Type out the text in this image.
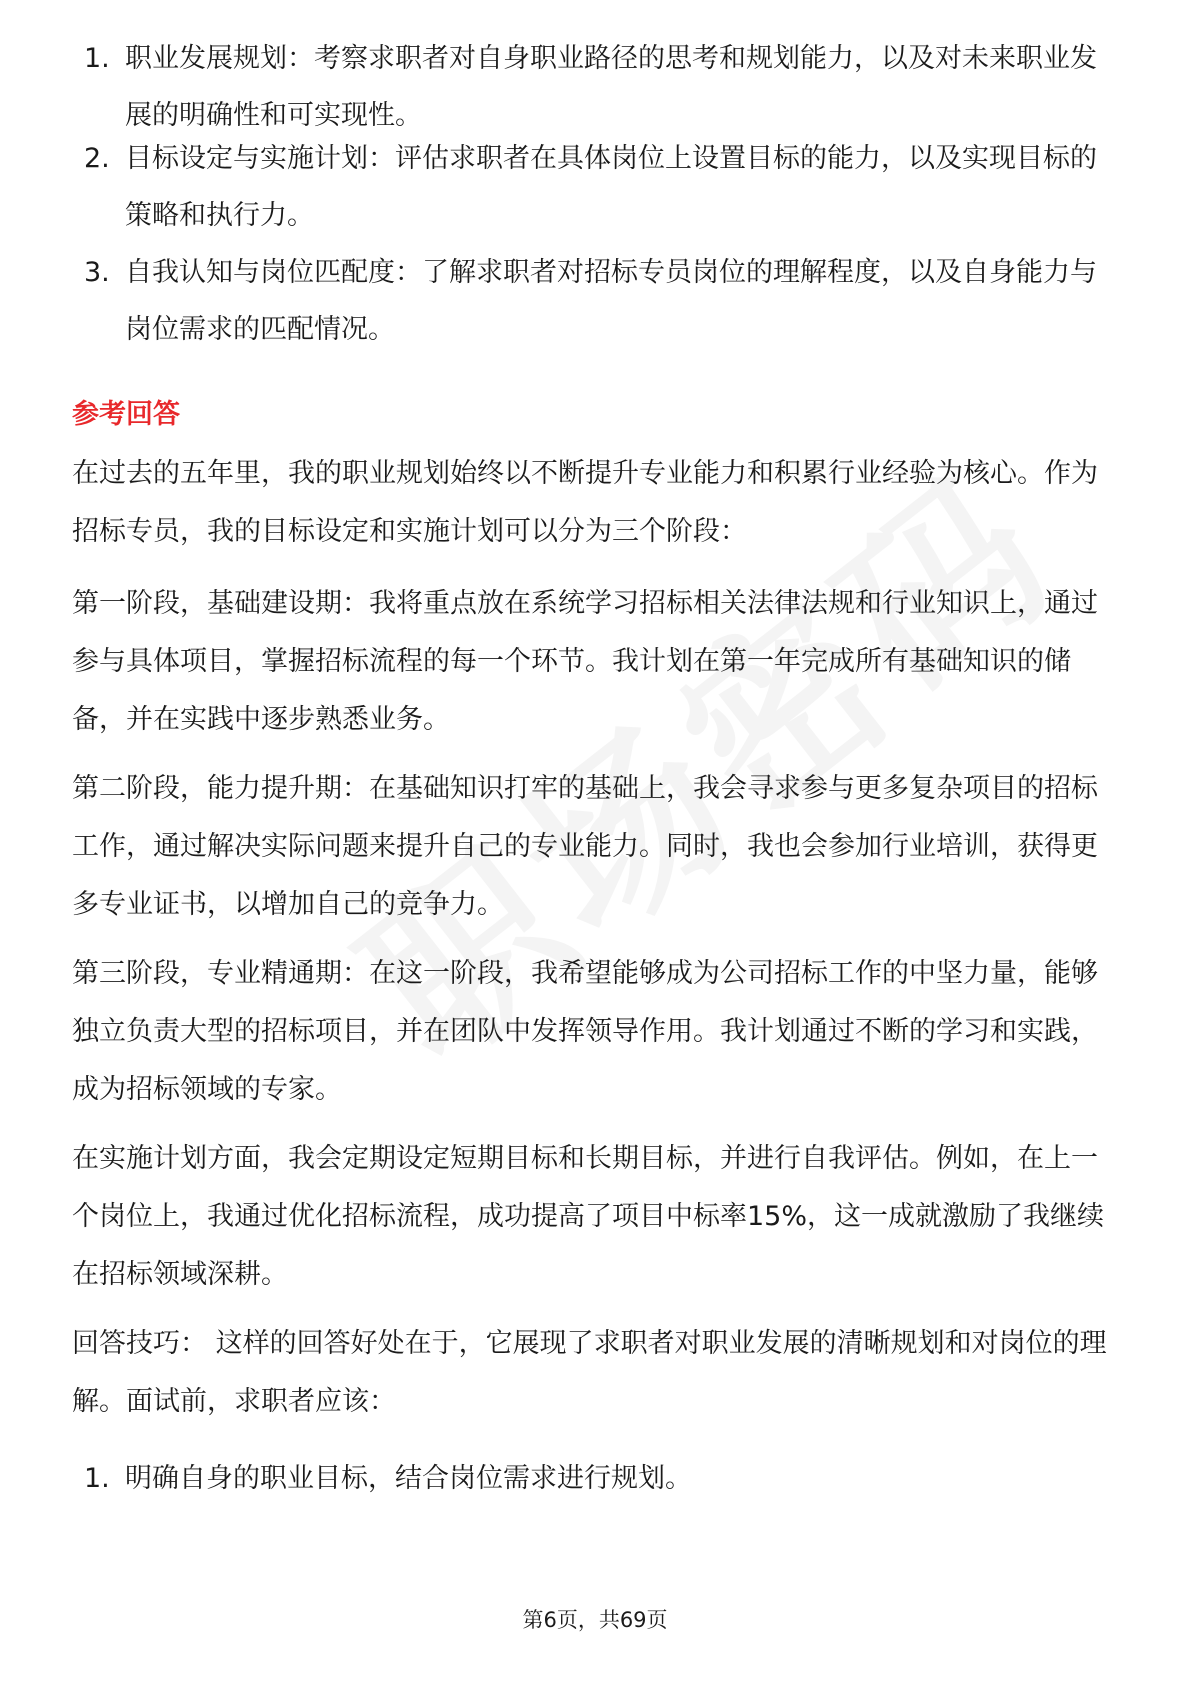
1. 职业发展规划：考察求职者对自身职业路径的思考和规划能力，以及对未来职业发展的明确性和可实现性。
2. 目标设定与实施计划：评估求职者在具体岗位上设置目标的能力，以及实现目标的策略和执行力。
3. 自我认知与岗位匹配度：了解求职者对招标专员岗位的理解程度，以及自身能力与岗位需求的匹配情况。
参考回答
在过去的五年里，我的职业规划始终以不断提升专业能力和积累行业经验为核心。作为招标专员，我的目标设定和实施计划可以分为三个阶段：
第一阶段，基础建设期：我将重点放在系统学习招标相关法律法规和行业知识上，通过参与具体项目，掌握招标流程的每一个环节。我计划在第一年完成所有基础知识的储备，并在实践中逐步熟悉业务。
第二阶段，能力提升期：在基础知识打牢的基础上，我会寻求参与更多复杂项目的招标工作，通过解决实际问题来提升自己的专业能力。同时，我也会参加行业培训，获得更多专业证书，以增加自己的竞争力。
第三阶段，专业精通期：在这一阶段，我希望能够成为公司招标工作的中坚力量，能够独立负责大型的招标项目，并在团队中发挥领导作用。我计划通过不断的学习和实践，成为招标领域的专家。
在实施计划方面，我会定期设定短期目标和长期目标，并进行自我评估。例如，在上一个岗位上，我通过优化招标流程，成功提高了项目中标率15%，这一成就激励了我继续在招标领域深耕。
回答技巧： 这样的回答好处在于，它展现了求职者对职业发展的清晰规划和对岗位的理解。面试前，求职者应该：
1. 明确自身的职业目标，结合岗位需求进行规划。
第6页，共69页
